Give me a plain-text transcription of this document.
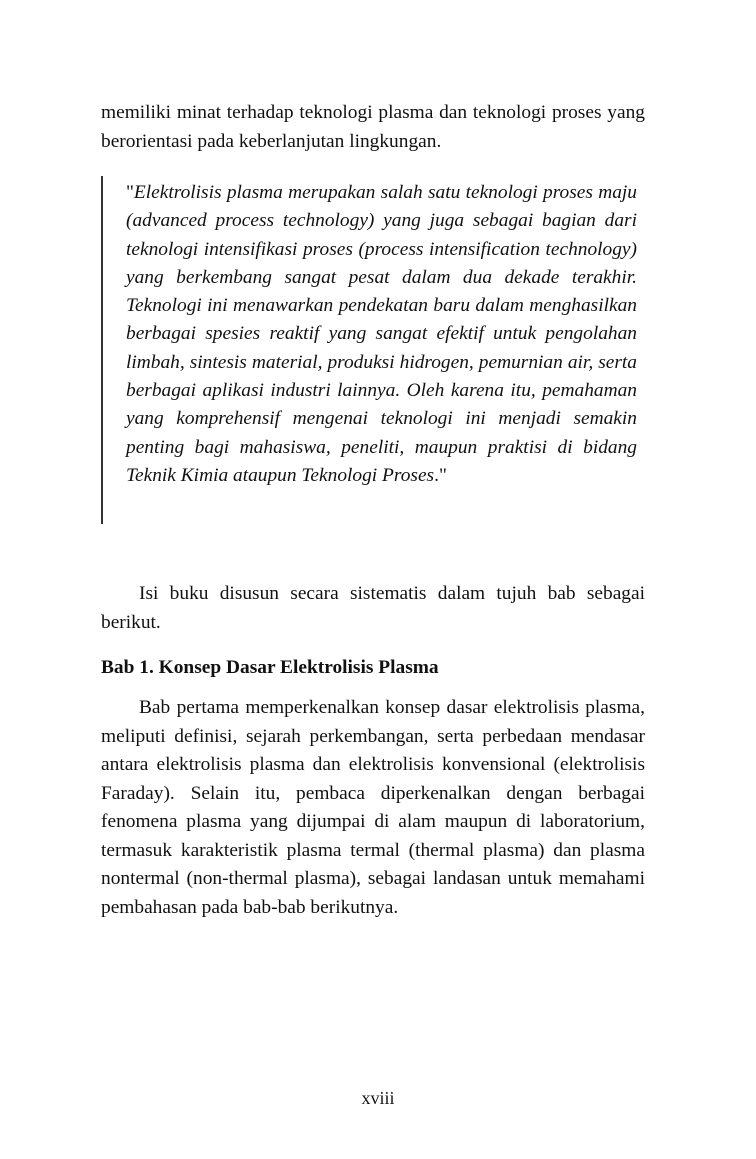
memiliki minat terhadap teknologi plasma dan teknologi proses yang berorientasi pada keberlanjutan lingkungan.

"Elektrolisis plasma merupakan salah satu teknologi proses maju (advanced process technology) yang juga sebagai bagian dari teknologi intensifikasi proses (process intensification technology) yang berkembang sangat pesat dalam dua dekade terakhir. Teknologi ini menawarkan pendekatan baru dalam menghasilkan berbagai spesies reaktif yang sangat efektif untuk pengolahan limbah, sintesis material, produksi hidrogen, pemurnian air, serta berbagai aplikasi industri lainnya. Oleh karena itu, pemahaman yang komprehensif mengenai teknologi ini menjadi semakin penting bagi mahasiswa, peneliti, maupun praktisi di bidang Teknik Kimia ataupun Teknologi Proses."

Isi buku disusun secara sistematis dalam tujuh bab sebagai berikut.

Bab 1. Konsep Dasar Elektrolisis Plasma

Bab pertama memperkenalkan konsep dasar elektrolisis plasma, meliputi definisi, sejarah perkembangan, serta perbedaan mendasar antara elektrolisis plasma dan elektrolisis konvensional (elektrolisis Faraday). Selain itu, pembaca diperkenalkan dengan berbagai fenomena plasma yang dijumpai di alam maupun di laboratorium, termasuk karakteristik plasma termal (thermal plasma) dan plasma nontermal (non-thermal plasma), sebagai landasan untuk memahami pembahasan pada bab-bab berikutnya.

xviii
